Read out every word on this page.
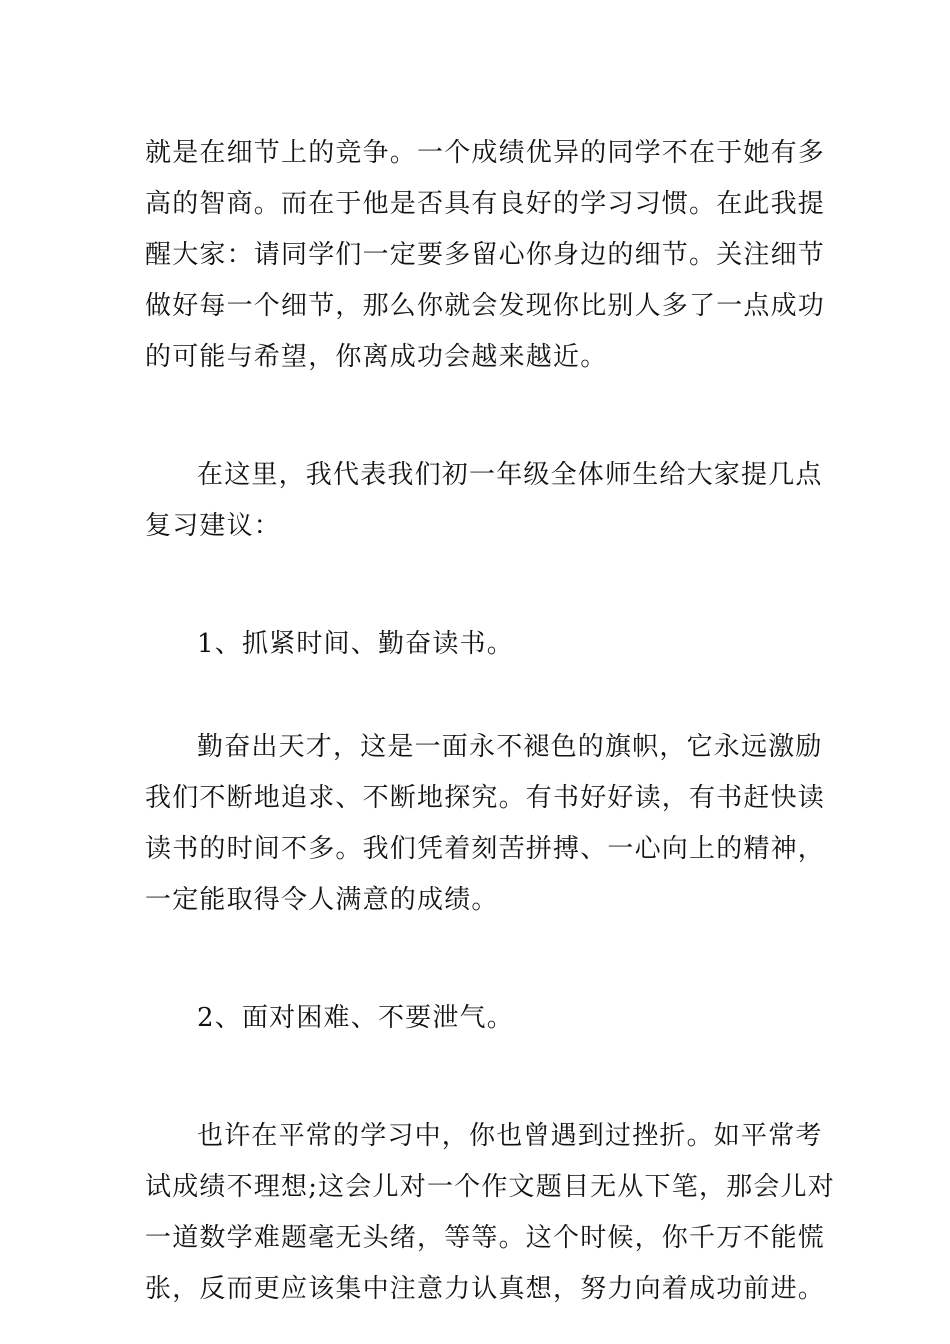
就是在细节上的竞争。一个成绩优异的同学不在于她有多
高的智商。而在于他是否具有良好的学习习惯。在此我提
醒大家：请同学们一定要多留心你身边的细节。关注细节
做好每一个细节，那么你就会发现你比别人多了一点成功
的可能与希望，你离成功会越来越近。

在这里，我代表我们初一年级全体师生给大家提几点
复习建议：

1、抓紧时间、勤奋读书。

勤奋出天才，这是一面永不褪色的旗帜，它永远激励
我们不断地追求、不断地探究。有书好好读，有书赶快读
读书的时间不多。我们凭着刻苦拼搏、一心向上的精神，
一定能取得令人满意的成绩。

2、面对困难、不要泄气。

也许在平常的学习中，你也曾遇到过挫折。如平常考
试成绩不理想;这会儿对一个作文题目无从下笔，那会儿对
一道数学难题毫无头绪，等等。这个时候，你千万不能慌
张，反而更应该集中注意力认真想，努力向着成功前进。
